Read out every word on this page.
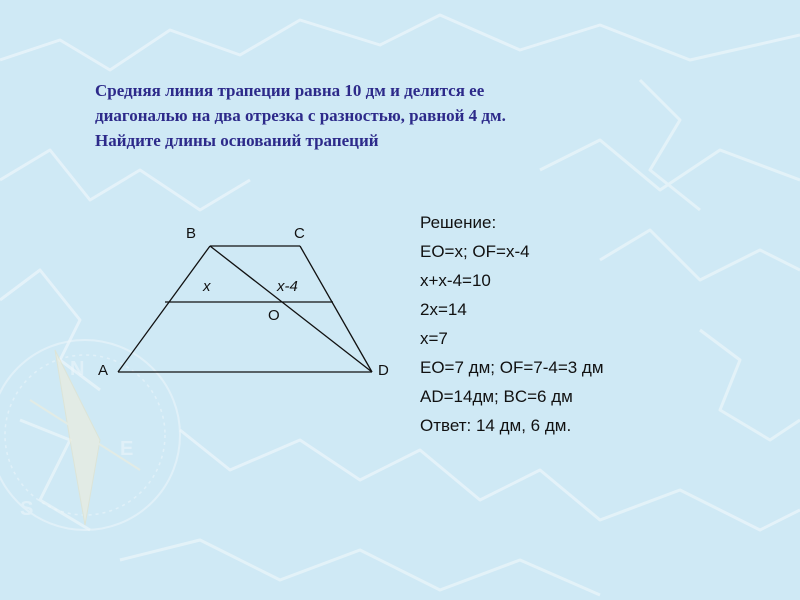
N
E
S
Средняя линия трапеции равна 10 дм и делится ее
диагональю на два отрезка с разностью, равной 4 дм.
Найдите длины оснований трапеций
A
B	C
D
O
x	x-4
Решение:
EO=x; OF=x-4
x+x-4=10
2x=14
x=7
EO=7 дм; OF=7-4=3 дм
AD=14дм; BC=6 дм
Ответ: 14 дм, 6 дм.
